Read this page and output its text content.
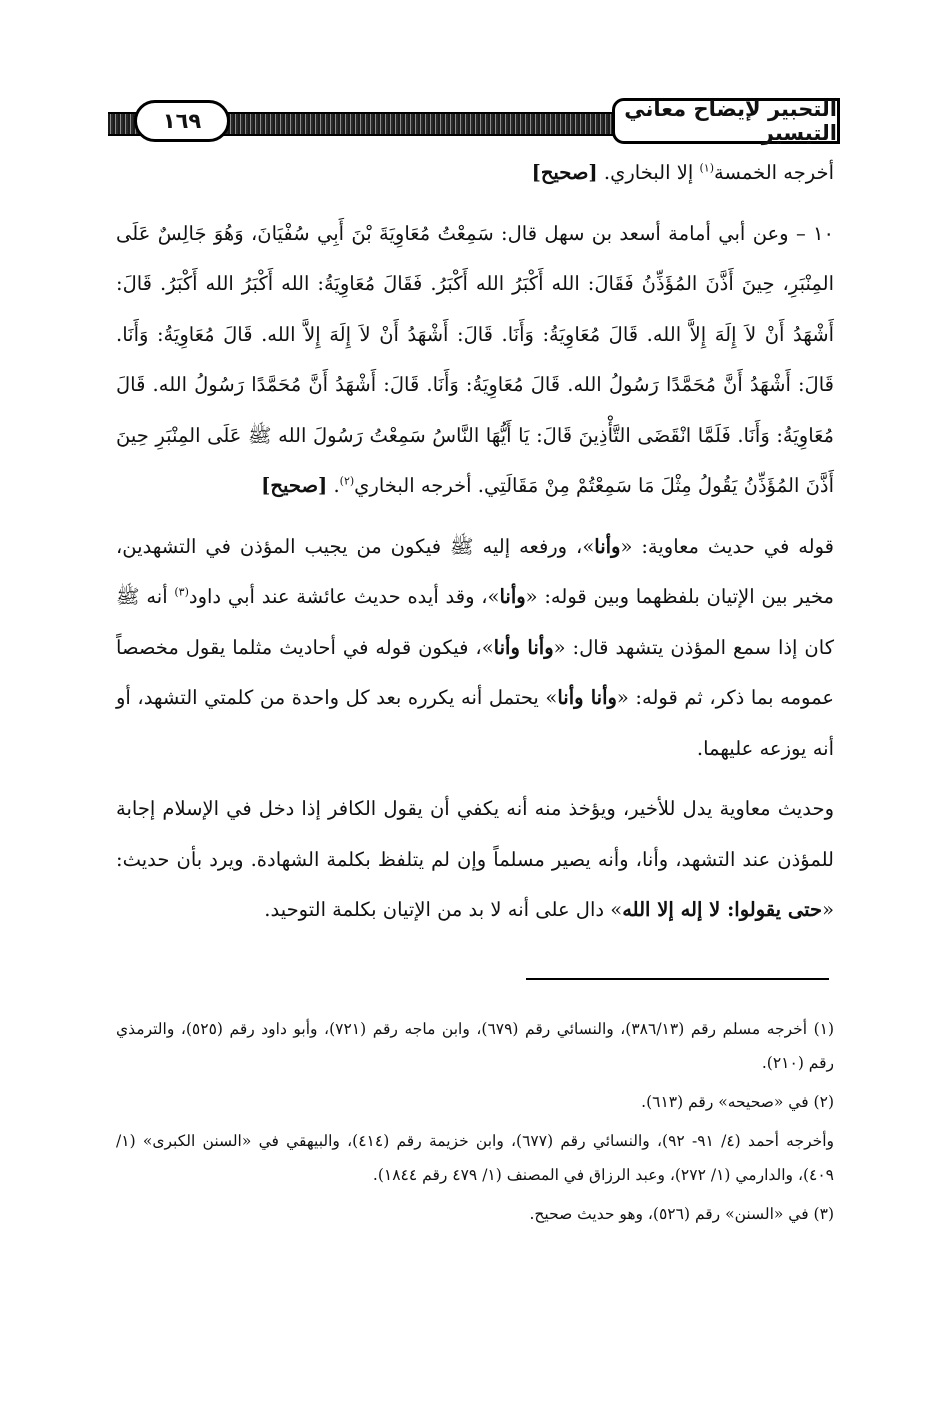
التحبير لإيضاح معاني التيسير
١٦٩

أخرجه الخمسة$^{(١)}$ إلا البخاري. [صحيح]

١٠ – وعن أبي أمامة أسعد بن سهل قال: سَمِعْتُ مُعَاوِيَةَ بْنَ أَبِي سُفْيَانَ، وَهُوَ جَالِسٌ عَلَى المِنْبَرِ، حِينَ أَذَّنَ المُؤَذِّنُ فَقَالَ: الله أَكْبَرُ الله أَكْبَرُ. فَقَالَ مُعَاوِيَةُ: الله أَكْبَرُ الله أَكْبَرُ. قَالَ: أَشْهَدُ أَنْ لاَ إِلَهَ إِلاَّ الله. قَالَ مُعَاوِيَةُ: وَأَنَا. قَالَ: أَشْهَدُ أَنْ لاَ إِلَهَ إِلاَّ الله. قَالَ مُعَاوِيَةُ: وَأَنَا. قَالَ: أَشْهَدُ أَنَّ مُحَمَّدًا رَسُولُ الله. قَالَ مُعَاوِيَةُ: وَأَنَا. قَالَ: أَشْهَدُ أَنَّ مُحَمَّدًا رَسُولُ الله. قَالَ مُعَاوِيَةُ: وَأَنَا. فَلَمَّا انْقَضَى التَّأْذِينَ قَالَ: يَا أَيُّهَا النَّاسُ سَمِعْتُ رَسُولَ الله ﷺ عَلَى المِنْبَرِ حِينَ أَذَّنَ المُؤَذِّنُ يَقُولُ مِثْلَ مَا سَمِعْتُمْ مِنْ مَقَالَتِي. أخرجه البخاري$^{(٢)}$. [صحيح]

قوله في حديث معاوية: «وأنا»، ورفعه إليه ﷺ فيكون من يجيب المؤذن في التشهدين، مخير بين الإتيان بلفظهما وبين قوله: «وأنا»، وقد أيده حديث عائشة عند أبي داود$^{(٣)}$ أنه ﷺ كان إذا سمع المؤذن يتشهد قال: «وأنا وأنا»، فيكون قوله في أحاديث مثلما يقول مخصصاً عمومه بما ذكر، ثم قوله: «وأنا وأنا» يحتمل أنه يكرره بعد كل واحدة من كلمتي التشهد، أو أنه يوزعه عليهما.

وحديث معاوية يدل للأخير، ويؤخذ منه أنه يكفي أن يقول الكافر إذا دخل في الإسلام إجابة للمؤذن عند التشهد، وأنا، وأنه يصير مسلماً وإن لم يتلفظ بكلمة الشهادة. ويرد بأن حديث: «حتى يقولوا: لا إله إلا الله» دال على أنه لا بد من الإتيان بكلمة التوحيد.

(١) أخرجه مسلم رقم (٣٨٦/١٣)، والنسائي رقم (٦٧٩)، وابن ماجه رقم (٧٢١)، وأبو داود رقم (٥٢٥)، والترمذي رقم (٢١٠).

(٢) في «صحيحه» رقم (٦١٣).

وأخرجه أحمد (٤/ ٩١- ٩٢)، والنسائي رقم (٦٧٧)، وابن خزيمة رقم (٤١٤)، والبيهقي في «السنن الكبرى» (١/ ٤٠٩)، والدارمي (١/ ٢٧٢)، وعبد الرزاق في المصنف (١/ ٤٧٩ رقم ١٨٤٤).

(٣) في «السنن» رقم (٥٢٦)، وهو حديث صحيح.
